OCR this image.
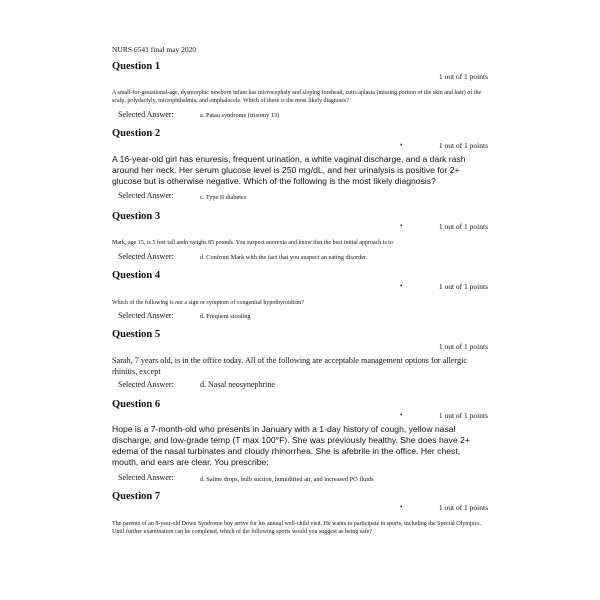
NURS 6541 final may 2020
Question 1
1 out of 1 points
A small-for-gestational-age, dysmorphic newborn infant has microcephaly and sloping forehead, cutis aplasia (missing portion of the skin and hair) of the scalp, polydactyly, microphthalmia, and omphalocele. Which of these is the most likely diagnosis?
Selected Answer:	a. Patau syndrome (trisomy 13)
Question 2
•	1 out of 1 points
A 16-year-old girl has enuresis, frequent urination, a white vaginal discharge, and a dark rash around her neck. Her serum glucose level is 250 mg/dL, and her urinalysis is positive for 2+ glucose but is otherwise negative. Which of the following is the most likely diagnosis?
Selected Answer:	c. Type II diabetes
Question 3
•	1 out of 1 points
Mark, age 15, is 5 feet tall andn weighs 85 pounds. You suspect anorexia and know that the best initial approach is to
Selected Answer:	d. Confront Mark with the fact that you suspect an eating disorder.
Question 4
•	1 out of 1 points
Which of the following is not a sign or symptom of congenital hypothyroidism?
Selected Answer:	d. Frequent stooling
Question 5
1 out of 1 points
Sarah, 7 years old, is in the office today. All of the following are acceptable management options for allergic rhinitis, except
Selected Answer:	d. Nasal neosynephrine
Question 6
•	1 out of 1 points
Hope is a 7-month-old who presents in January with a 1-day history of cough, yellow nasal discharge, and low-grade temp (T max 100°F). She was previously healthy. She does have 2+ edema of the nasal turbinates and cloudy rhinorrhea. She is afebrile in the office. Her chest, mouth, and ears are clear. You prescribe:
Selected Answer:	d. Saline drops, bulb suction, humidified air, and increased PO fluids
Question 7
•	1 out of 1 points
The parents of an 8-year-old Down Syndrome boy arrive for his annual well-child visit. He wants to participate in sports, including the Special Olympics. Until further examination can be completed, which of the following sports would you suggest as being safe?
